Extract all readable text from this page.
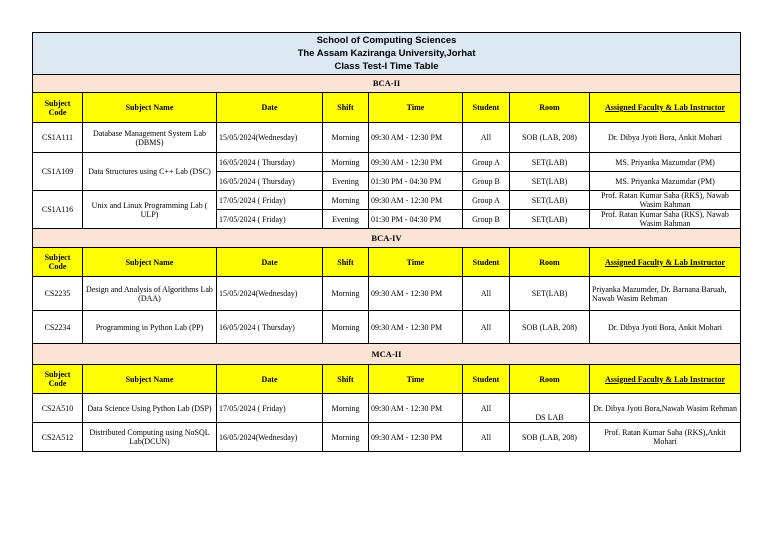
School of Computing Sciences
The Assam Kaziranga University,Jorhat
Class Test-I Time Table							

BCA-II							
Subject Code	Subject Name	Date	Shift	Time	Student	Room	Assigned Faculty & Lab Instructor
CS1A111	Database Management System Lab (DBMS)	15/05/2024(Wednesday)	Morning	09:30 AM - 12:30 PM	All	SOB (LAB, 208)	Dr. Dibya Jyoti Bora, Ankit Mohari
CS1A109	Data Structures using C++ Lab (DSC)	16/05/2024 ( Thursday)	Morning	09:30 AM - 12:30 PM	Group A	SET(LAB)	MS. Priyanka Mazumdar (PM)
		16/05/2024 ( Thursday)	Evening	01:30 PM - 04:30 PM	Group B	SET(LAB)	MS. Priyanka Mazumdar (PM)
CS1A116	Unix and Linux Programming Lab ( ULP)	17/05/2024 ( Friday)	Morning	09:30 AM - 12:30 PM	Group A	SET(LAB)	Prof. Ratan Kumar Saha (RKS), Nawab Wasim Rahman
		17/05/2024 ( Friday)	Evening	01:30 PM - 04:30 PM	Group B	SET(LAB)	Prof. Ratan Kumar Saha (RKS), Nawab Wasim Rahman
BCA-IV							
Subject Code	Subject Name	Date	Shift	Time	Student	Room	Assigned Faculty & Lab Instructor
CS2235	Design and Analysis of Algorithms Lab (DAA)	15/05/2024(Wednesday)	Morning	09:30 AM - 12:30 PM	All	SET(LAB)	Priyanka Mazumder, Dr. Barnana Baruah, Nawab Wasim Rehman
CS2234	Programming in Python Lab (PP)	16/05/2024 ( Thursday)	Morning	09:30 AM - 12:30 PM	All	SOB (LAB, 208)	Dr. Dibya Jyoti Bora, Ankit Mohari
MCA-II							
Subject Code	Subject Name	Date	Shift	Time	Student	Room	Assigned Faculty & Lab Instructor
CS2A510	Data Science Using Python Lab (DSP)	17/05/2024 ( Friday)	Morning	09:30 AM - 12:30 PM	All	DS LAB	Dr. Dibya Jyoti Bora,Nawab Wasim Rehman
CS2A512	Distributed Computing using NoSQL Lab(DCUN)	16/05/2024(Wednesday)	Morning	09:30 AM - 12:30 PM	All	SOB (LAB, 208)	Prof. Ratan Kumar Saha (RKS),Ankit Mohari
